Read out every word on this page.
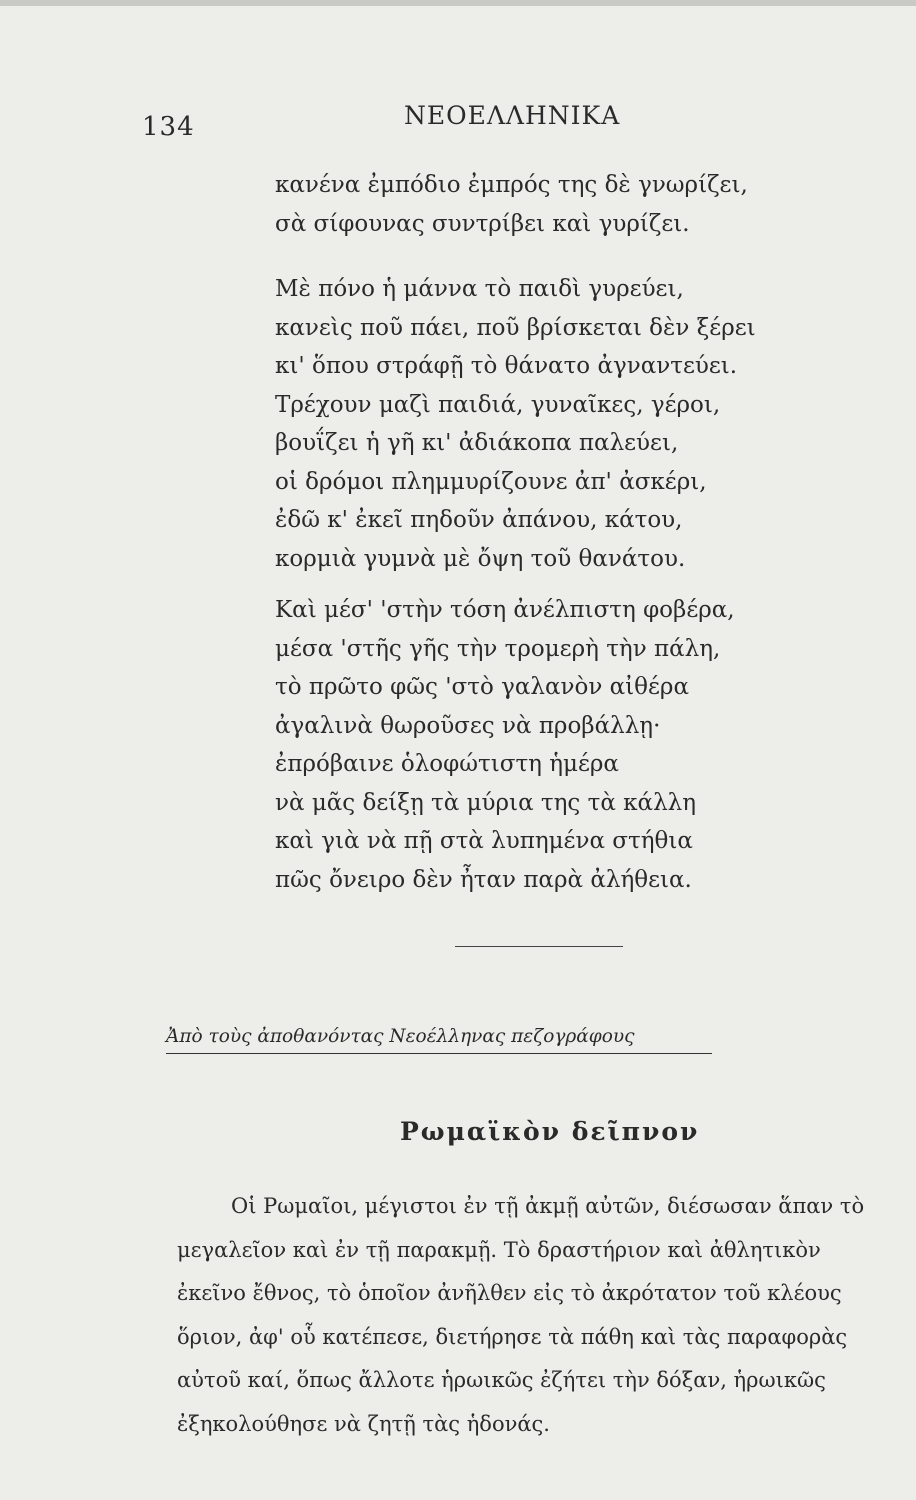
134	ΝΕΟΕΛΛΗΝΙΚΑ
κανένα ἐμπόδιο ἐμπρός της δὲ γνωρίζει,
σὰ σίφουνας συντρίβει καὶ γυρίζει.
Μὲ πόνο ἡ μάννα τὸ παιδὶ γυρεύει,
κανεὶς ποῦ πάει, ποῦ βρίσκεται δὲν ξέρει
κι' ὅπου στράφῇ τὸ θάνατο ἀγναντεύει.
Τρέχουν μαζὶ παιδιά, γυναῖκες, γέροι,
βουΐζει ἡ γῆ κι' ἀδιάκοπα παλεύει,
οἱ δρόμοι πλημμυρίζουνε ἀπ' ἀσκέρι,
ἐδῶ κ' ἐκεῖ πηδοῦν ἀπάνου, κάτου,
κορμιὰ γυμνὰ μὲ ὄψη τοῦ θανάτου.
Καὶ μέσ' 'στὴν τόση ἀνέλπιστη φοβέρα,
μέσα 'στῆς γῆς τὴν τρομερὴ τὴν πάλη,
τὸ πρῶτο φῶς 'στὸ γαλανὸν αἰθέρα
ἀγαλινὰ θωροῦσες νὰ προβάλλῃ·
ἐπρόβαινε ὁλοφώτιστη ἡμέρα
νὰ μᾶς δείξῃ τὰ μύρια της τὰ κάλλη
καὶ γιὰ νὰ πῇ στὰ λυπημένα στήθια
πῶς ὄνειρο δὲν ἦταν παρὰ ἀλήθεια.
Ἀπὸ τοὺς ἀποθανόντας Νεοέλληνας πεζογράφους
Ρωμαϊκὸν δεῖπνον
Οἱ Ρωμαῖοι, μέγιστοι ἐν τῇ ἀκμῇ αὐτῶν, διέσωσαν ἅπαν τὸ
μεγαλεῖον καὶ ἐν τῇ παρακμῇ. Τὸ δραστήριον καὶ ἀθλητικὸν
ἐκεῖνο ἔθνος, τὸ ὁποῖον ἀνῆλθεν εἰς τὸ ἀκρότατον τοῦ κλέους
ὅριον, ἀφ' οὗ κατέπεσε, διετήρησε τὰ πάθη καὶ τὰς παραφορὰς
αὐτοῦ καί, ὅπως ἄλλοτε ἡρωικῶς ἐζήτει τὴν δόξαν, ἡρωικῶς
ἐξηκολούθησε νὰ ζητῇ τὰς ἡδονάς.
